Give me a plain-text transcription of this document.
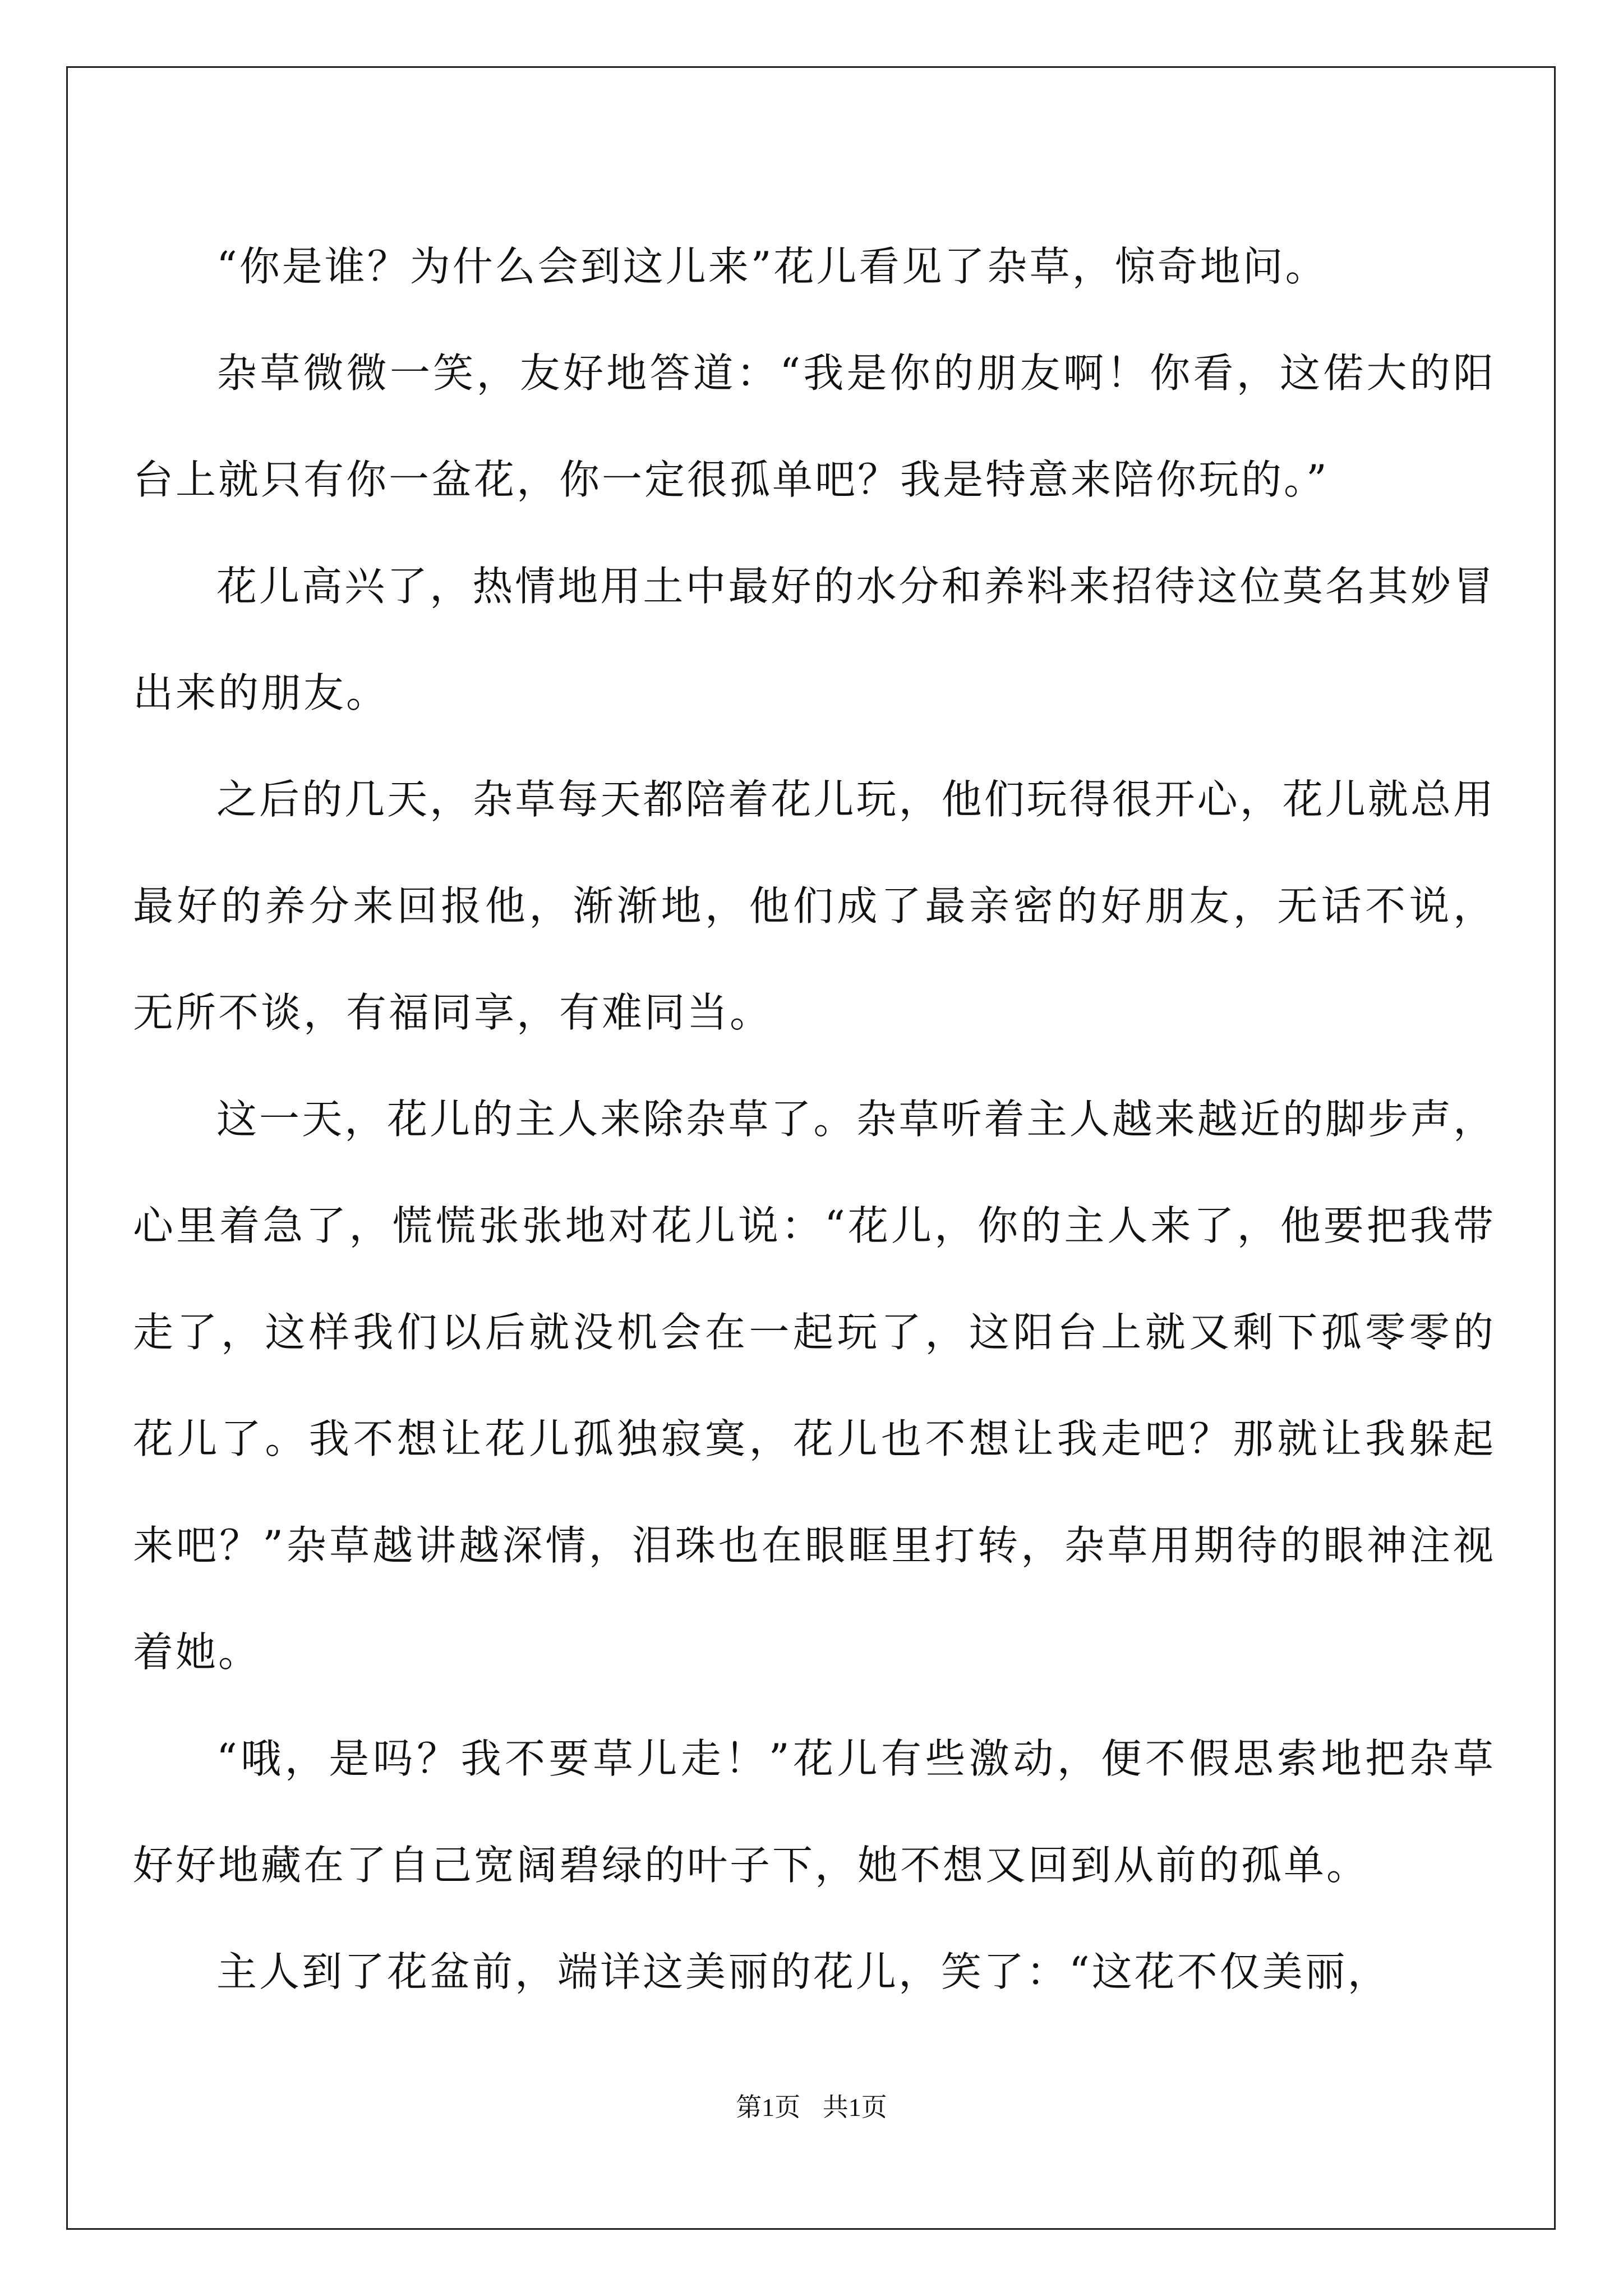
“你是谁？为什么会到这儿来”花儿看见了杂草，惊奇地问。

杂草微微一笑，友好地答道：“我是你的朋友啊！你看，这偌大的阳台上就只有你一盆花，你一定很孤单吧？我是特意来陪你玩的。”

花儿高兴了，热情地用土中最好的水分和养料来招待这位莫名其妙冒出来的朋友。

之后的几天，杂草每天都陪着花儿玩，他们玩得很开心，花儿就总用最好的养分来回报他，渐渐地，他们成了最亲密的好朋友，无话不说，无所不谈，有福同享，有难同当。

这一天，花儿的主人来除杂草了。杂草听着主人越来越近的脚步声，心里着急了，慌慌张张地对花儿说：“花儿，你的主人来了，他要把我带走了，这样我们以后就没机会在一起玩了，这阳台上就又剩下孤零零的花儿了。我不想让花儿孤独寂寞，花儿也不想让我走吧？那就让我躲起来吧？”杂草越讲越深情，泪珠也在眼眶里打转，杂草用期待的眼神注视着她。

“哦，是吗？我不要草儿走！”花儿有些激动，便不假思索地把杂草好好地藏在了自己宽阔碧绿的叶子下，她不想又回到从前的孤单。

主人到了花盆前，端详这美丽的花儿，笑了：“这花不仅美丽，

第1页 共1页
